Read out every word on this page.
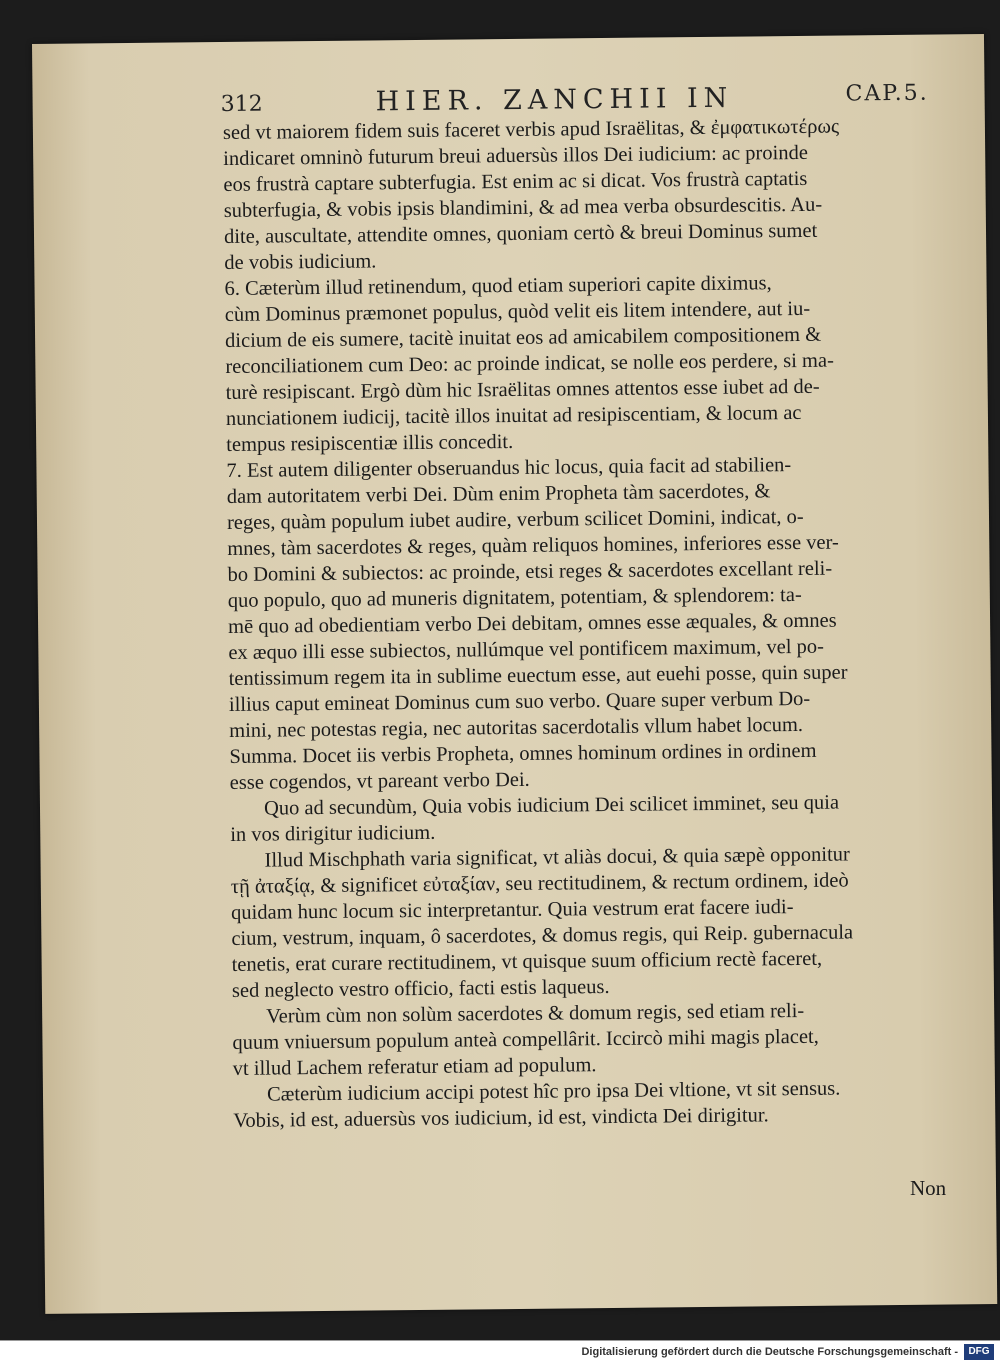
312	HIER. ZANCHII IN	CAP.5.
sed vt maiorem fidem suis faceret verbis apud Israëlitas, & ἐμφατικωτέρως
indicaret omninò futurum breui aduersùs illos Dei iudicium: ac proinde
eos frustrà captare subterfugia. Est enim ac si dicat. Vos frustrà captatis
subterfugia, & vobis ipsis blandimini, & ad mea verba obsurdescitis. Au-
dite, auscultate, attendite omnes, quoniam certò & breui Dominus sumet
de vobis iudicium.
6. Cæterùm illud retinendum, quod etiam superiori capite diximus,
cùm Dominus præmonet populus, quòd velit eis litem intendere, aut iu-
dicium de eis sumere, tacitè inuitat eos ad amicabilem compositionem &
reconciliationem cum Deo: ac proinde indicat, se nolle eos perdere, si ma-
turè resipiscant. Ergò dùm hic Israëlitas omnes attentos esse iubet ad de-
nunciationem iudicij, tacitè illos inuitat ad resipiscentiam, & locum ac
tempus resipiscentiæ illis concedit.
7. Est autem diligenter obseruandus hic locus, quia facit ad stabilien-
dam autoritatem verbi Dei. Dùm enim Propheta tàm sacerdotes, &
reges, quàm populum iubet audire, verbum scilicet Domini, indicat, o-
mnes, tàm sacerdotes & reges, quàm reliquos homines, inferiores esse ver-
bo Domini & subiectos: ac proinde, etsi reges & sacerdotes excellant reli-
quo populo, quo ad muneris dignitatem, potentiam, & splendorem: ta-
mē quo ad obedientiam verbo Dei debitam, omnes esse æquales, & omnes
ex æquo illi esse subiectos, nullúmque vel pontificem maximum, vel po-
tentissimum regem ita in sublime euectum esse, aut euehi posse, quin super
illius caput emineat Dominus cum suo verbo. Quare super verbum Do-
mini, nec potestas regia, nec autoritas sacerdotalis vllum habet locum.
Summa. Docet iis verbis Propheta, omnes hominum ordines in ordinem
esse cogendos, vt pareant verbo Dei.
Quo ad secundùm, Quia vobis iudicium Dei scilicet imminet, seu quia
in vos dirigitur iudicium.
Illud Mischphath varia significat, vt aliàs docui, & quia sæpè opponitur
τῇ ἀταξίᾳ, & significet εὐταξίαν, seu rectitudinem, & rectum ordinem, ideò
quidam hunc locum sic interpretantur. Quia vestrum erat facere iudi-
cium, vestrum, inquam, ô sacerdotes, & domus regis, qui Reip. gubernacula
tenetis, erat curare rectitudinem, vt quisque suum officium rectè faceret,
sed neglecto vestro officio, facti estis laqueus.
Verùm cùm non solùm sacerdotes & domum regis, sed etiam reli-
quum vniuersum populum anteà compellârit. Iccircò mihi magis placet,
vt illud Lachem referatur etiam ad populum.
Cæterùm iudicium accipi potest hîc pro ipsa Dei vltione, vt sit sensus.
Vobis, id est, aduersùs vos iudicium, id est, vindicta Dei dirigitur.
Non
Digitalisierung gefördert durch die Deutsche Forschungsgemeinschaft -	DFG
